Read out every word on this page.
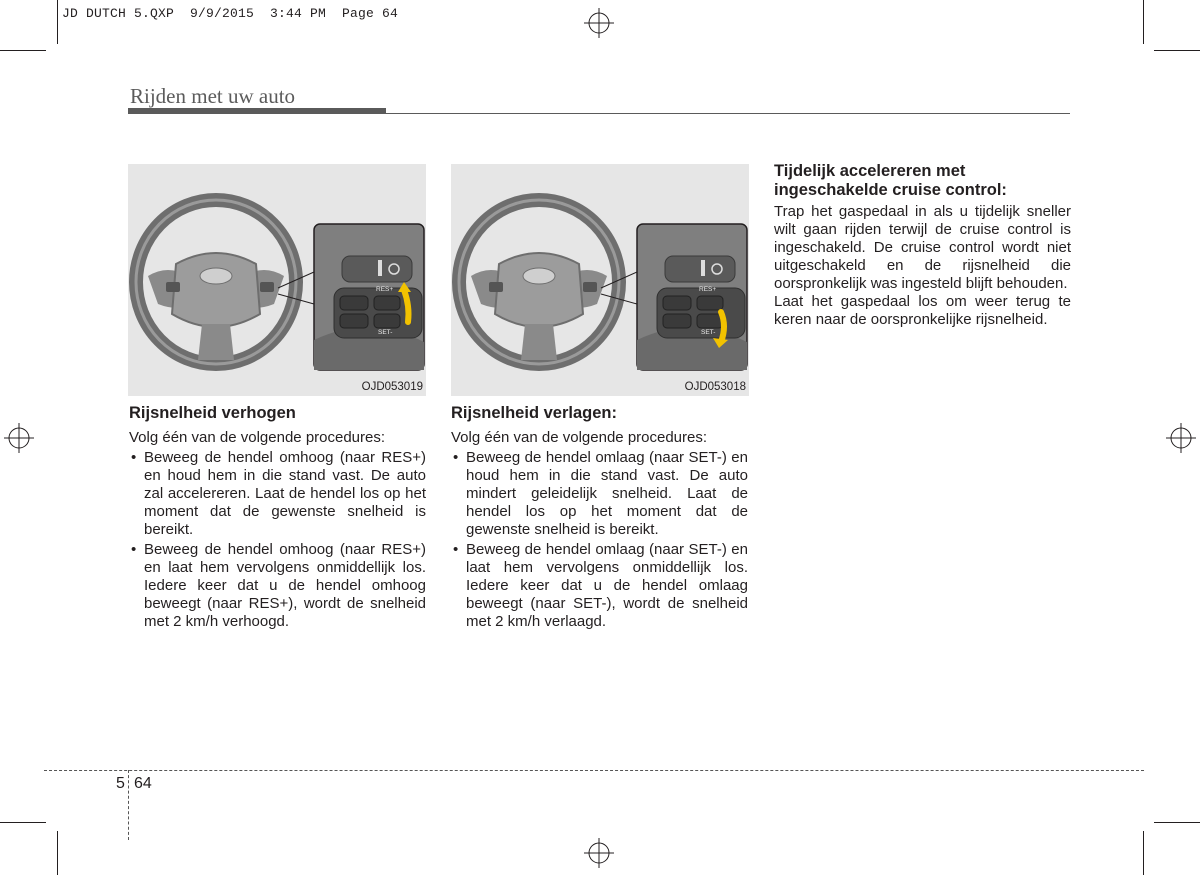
JD DUTCH 5.QXP  9/9/2015  3:44 PM  Page 64
Rijden met uw auto
RES+
SET-
OJD053019
SET-
RES+
OJD053018
Rijsnelheid verhogen

Volg één van de volgende procedures:

• Beweeg de hendel omhoog (naar RES+) en houd hem in die stand vast. De auto zal accelereren. Laat de hendel los op het moment dat de gewenste snelheid is bereikt.
• Beweeg de hendel omhoog (naar RES+) en laat hem vervolgens onmiddellijk los. Iedere keer dat u de hendel omhoog beweegt (naar RES+), wordt de snelheid met 2 km/h verhoogd.
Rijsnelheid verlagen:

Volg één van de volgende procedures:

• Beweeg de hendel omlaag (naar SET-) en houd hem in die stand vast. De auto mindert geleidelijk snelheid. Laat de hendel los op het moment dat de gewenste snelheid is bereikt.
• Beweeg de hendel omlaag (naar SET-) en laat hem vervolgens onmiddellijk los. Iedere keer dat u de hendel omlaag beweegt (naar SET-), wordt de snelheid met 2 km/h verlaagd.
Tijdelijk accelereren met ingeschakelde cruise control:

Trap het gaspedaal in als u tijdelijk sneller wilt gaan rijden terwijl de cruise control is ingeschakeld. De cruise control wordt niet uitgeschakeld en de rijsnelheid die oorspronkelijk was ingesteld blijft behouden.

Laat het gaspedaal los om weer terug te keren naar de oorspronkelijke rijsnelheid.

5 64
